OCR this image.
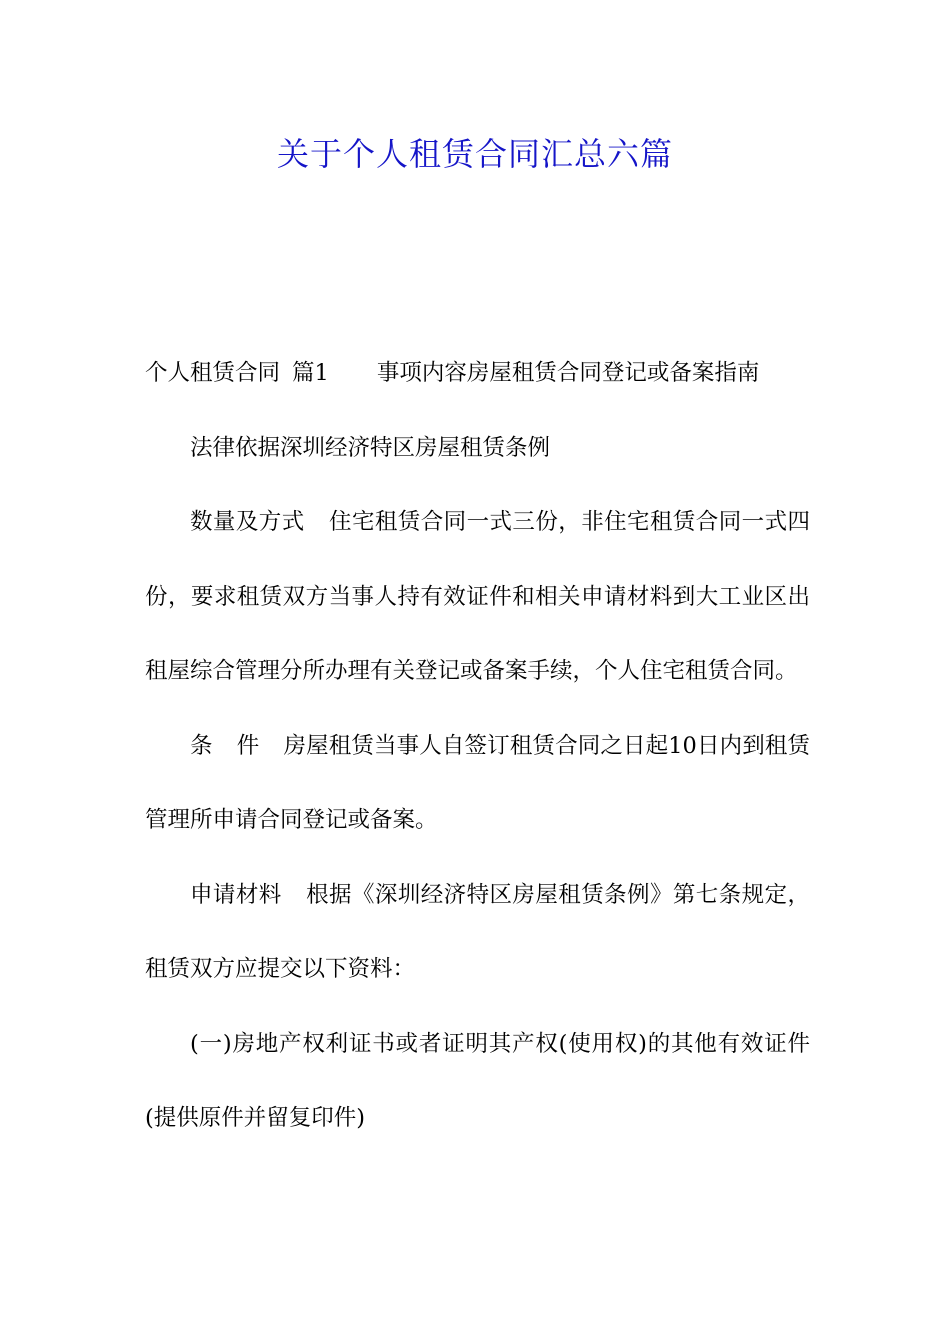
关于个人租赁合同汇总六篇

个人租赁合同 篇1 事项内容房屋租赁合同登记或备案指南

法律依据深圳经济特区房屋租赁条例

数量及方式 住宅租赁合同一式三份，非住宅租赁合同一式四份，要求租赁双方当事人持有效证件和相关申请材料到大工业区出租屋综合管理分所办理有关登记或备案手续，个人住宅租赁合同。

条 件 房屋租赁当事人自签订租赁合同之日起10日内到租赁管理所申请合同登记或备案。

申请材料 根据《深圳经济特区房屋租赁条例》第七条规定，租赁双方应提交以下资料：

(一)房地产权利证书或者证明其产权(使用权)的其他有效证件(提供原件并留复印件)
